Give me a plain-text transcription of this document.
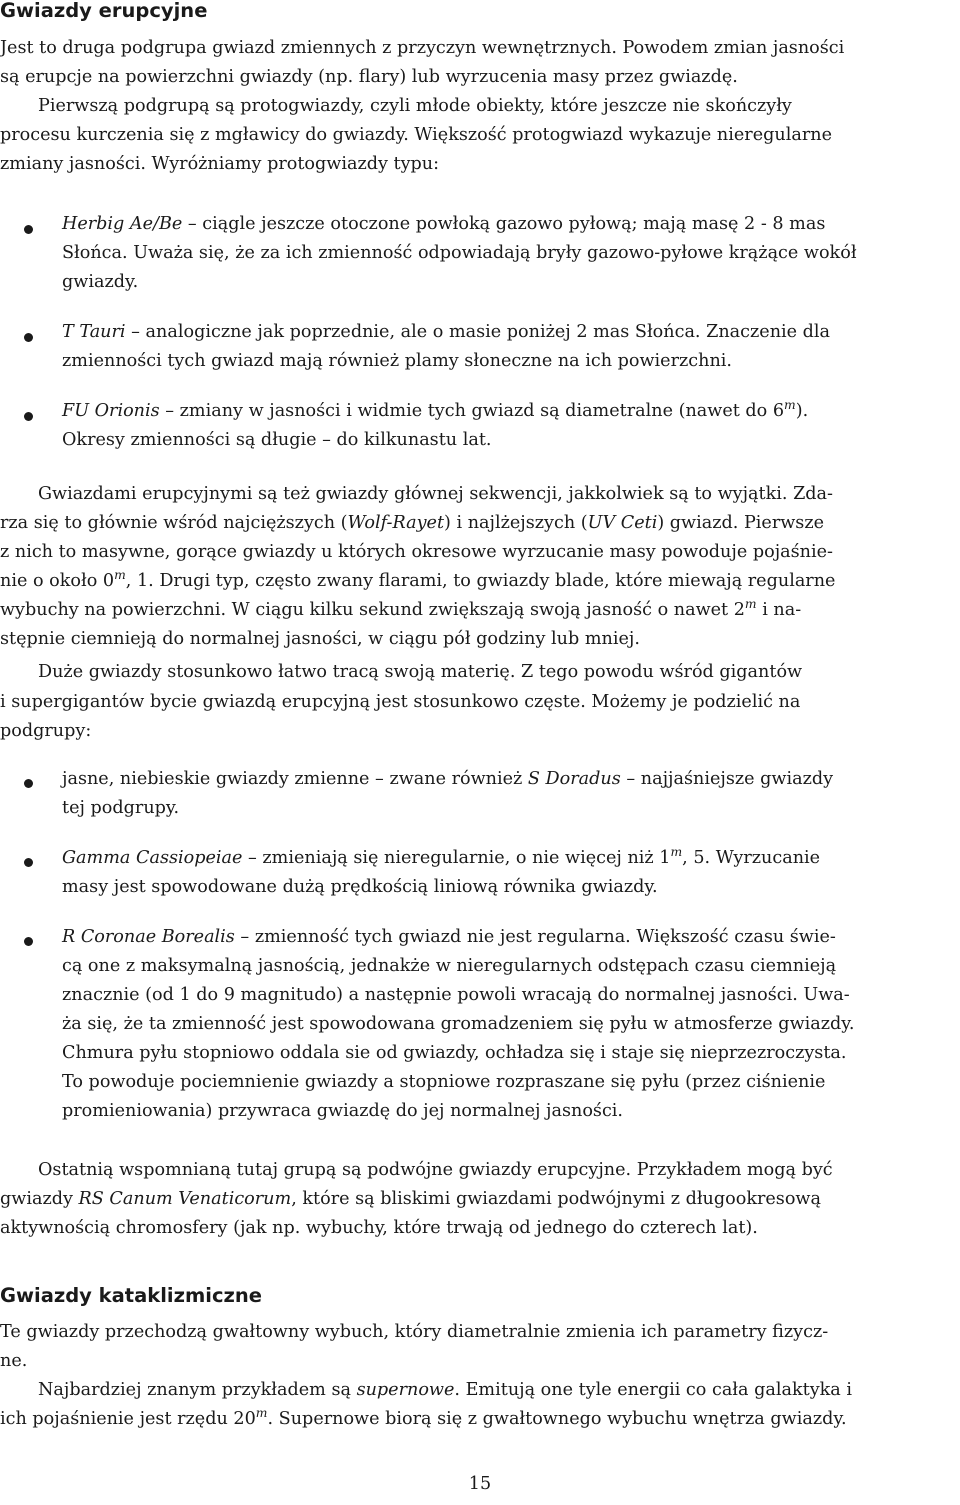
Gwiazdy erupcyjne
Jest to druga podgrupa gwiazd zmiennych z przyczyn wewnętrznych. Powodem zmian jasności
są erupcje na powierzchni gwiazdy (np. flary) lub wyrzucenia masy przez gwiazdę.
Pierwszą podgrupą są protogwiazdy, czyli młode obiekty, które jeszcze nie skończyły
procesu kurczenia się z mgławicy do gwiazdy. Większość protogwiazd wykazuje nieregularne
zmiany jasności. Wyróżniamy protogwiazdy typu:
Herbig Ae/Be – ciągle jeszcze otoczone powłoką gazowo pyłową; mają masę 2 - 8 mas
Słońca. Uważa się, że za ich zmienność odpowiadają bryły gazowo-pyłowe krążące wokół
gwiazdy.
T Tauri – analogiczne jak poprzednie, ale o masie poniżej 2 mas Słońca. Znaczenie dla
zmienności tych gwiazd mają również plamy słoneczne na ich powierzchni.
FU Orionis – zmiany w jasności i widmie tych gwiazd są diametralne (nawet do 6$^m$).
Okresy zmienności są długie – do kilkunastu lat.
Gwiazdami erupcyjnymi są też gwiazdy głównej sekwencji, jakkolwiek są to wyjątki. Zda-
rza się to głównie wśród najcięższych (Wolf-Rayet) i najlżejszych (UV Ceti) gwiazd. Pierwsze
z nich to masywne, gorące gwiazdy u których okresowe wyrzucanie masy powoduje pojaśnie-
nie o około 0$^m$, 1. Drugi typ, często zwany flarami, to gwiazdy blade, które miewają regularne
wybuchy na powierzchni. W ciągu kilku sekund zwiększają swoją jasność o nawet 2$^m$ i na-
stępnie ciemnieją do normalnej jasności, w ciągu pół godziny lub mniej.
Duże gwiazdy stosunkowo łatwo tracą swoją materię. Z tego powodu wśród gigantów
i supergigantów bycie gwiazdą erupcyjną jest stosunkowo częste. Możemy je podzielić na
podgrupy:
jasne, niebieskie gwiazdy zmienne – zwane również S Doradus – najjaśniejsze gwiazdy
tej podgrupy.
Gamma Cassiopeiae – zmieniają się nieregularnie, o nie więcej niż 1$^m$, 5. Wyrzucanie
masy jest spowodowane dużą prędkością liniową równika gwiazdy.
R Coronae Borealis – zmienność tych gwiazd nie jest regularna. Większość czasu świe-
cą one z maksymalną jasnością, jednakże w nieregularnych odstępach czasu ciemnieją
znacznie (od 1 do 9 magnitudo) a następnie powoli wracają do normalnej jasności. Uwa-
ża się, że ta zmienność jest spowodowana gromadzeniem się pyłu w atmosferze gwiazdy.
Chmura pyłu stopniowo oddala sie od gwiazdy, ochładza się i staje się nieprzezroczysta.
To powoduje pociemnienie gwiazdy a stopniowe rozpraszane się pyłu (przez ciśnienie
promieniowania) przywraca gwiazdę do jej normalnej jasności.
Ostatnią wspomnianą tutaj grupą są podwójne gwiazdy erupcyjne. Przykładem mogą być
gwiazdy RS Canum Venaticorum, które są bliskimi gwiazdami podwójnymi z długookresową
aktywnością chromosfery (jak np. wybuchy, które trwają od jednego do czterech lat).
Gwiazdy kataklizmiczne
Te gwiazdy przechodzą gwałtowny wybuch, który diametralnie zmienia ich parametry fizycz-
ne.
Najbardziej znanym przykładem są supernowe. Emitują one tyle energii co cała galaktyka i
ich pojaśnienie jest rzędu 20$^m$. Supernowe biorą się z gwałtownego wybuchu wnętrza gwiazdy.
15
